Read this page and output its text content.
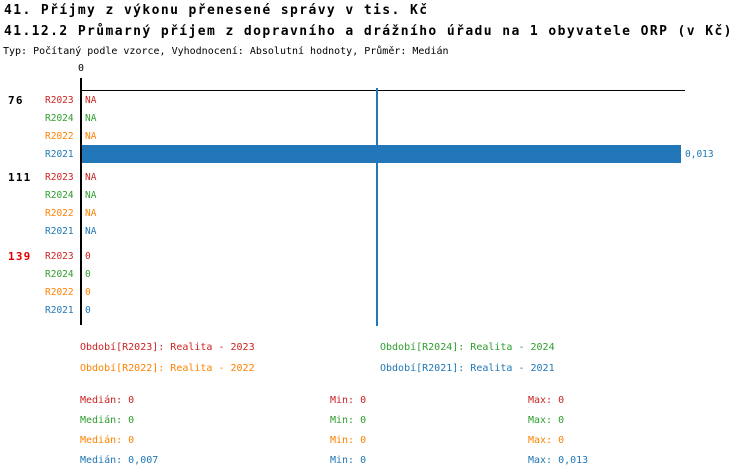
41. Příjmy z výkonu přenesené správy v tis. Kč
41.12.2 Průmarný příjem z dopravního a drážního úřadu na 1 obyvatele ORP (v Kč)
Typ: Počítaný podle vzorce, Vyhodnocení: Absolutní hodnoty, Průměr: Medián
0
76 R2023 NA
R2024 NA
R2022 NA
R2021	0,013
111 R2023 NA
R2024 NA
R2022 NA
R2021 NA
139 R2023 0
R2024 0
R2022 0
R2021 0
Období[R2023]: Realita - 2023	Období[R2024]: Realita - 2024
Období[R2022]: Realita - 2022	Období[R2021]: Realita - 2021
Medián: 0	Min: 0	Max: 0
Medián: 0	Min: 0	Max: 0
Medián: 0	Min: 0	Max: 0
Medián: 0,007	Min: 0	Max: 0,013
